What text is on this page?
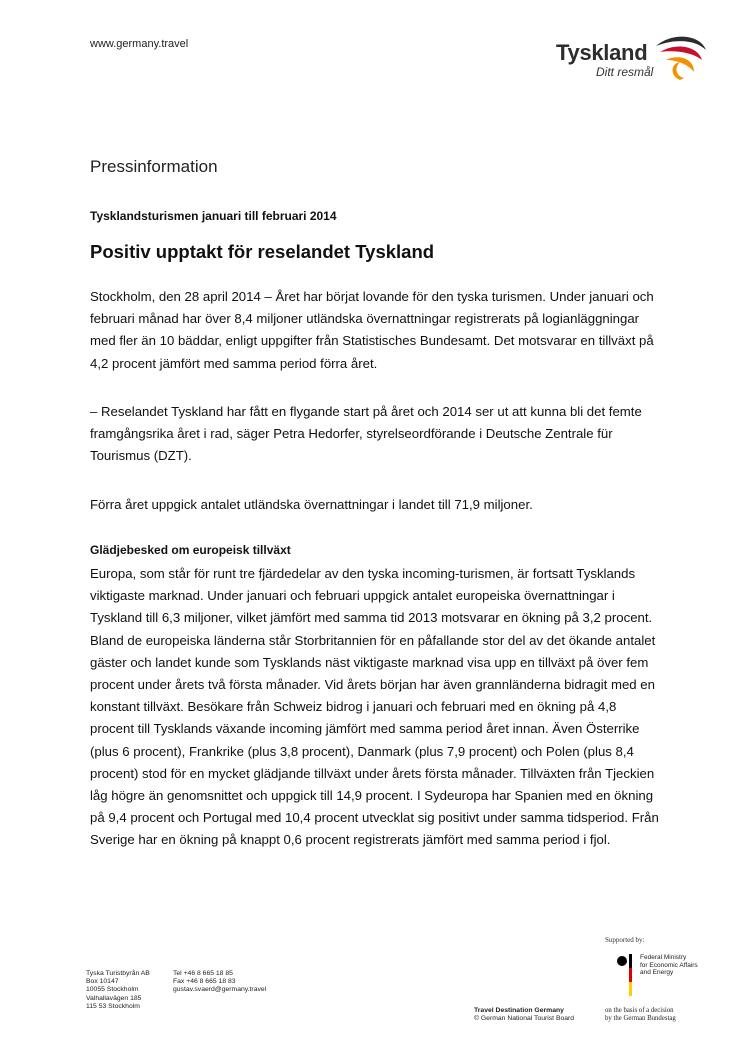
www.germany.travel	Tyskland
Ditt resmål
Pressinformation
Tysklandsturismen januari till februari 2014
Positiv upptakt för reselandet Tyskland

Stockholm, den 28 april 2014 – Året har börjat lovande för den tyska turismen. Under januari och februari månad har över 8,4 miljoner utländska övernattningar registrerats på logianläggningar med fler än 10 bäddar, enligt uppgifter från Statistisches Bundesamt. Det motsvarar en tillväxt på 4,2 procent jämfört med samma period förra året.

– Reselandet Tyskland har fått en flygande start på året och 2014 ser ut att kunna bli det femte framgångsrika året i rad, säger Petra Hedorfer, styrelseordförande i Deutsche Zentrale für Tourismus (DZT).

Förra året uppgick antalet utländska övernattningar i landet till 71,9 miljoner.

Glädjebesked om europeisk tillväxt

Europa, som står för runt tre fjärdedelar av den tyska incoming-turismen, är fortsatt Tysklands viktigaste marknad. Under januari och februari uppgick antalet europeiska övernattningar i Tyskland till 6,3 miljoner, vilket jämfört med samma tid 2013 motsvarar en ökning på 3,2 procent. Bland de europeiska länderna står Storbritannien för en påfallande stor del av det ökande antalet gäster och landet kunde som Tysklands näst viktigaste marknad visa upp en tillväxt på över fem procent under årets två första månader. Vid årets början har även grannländerna bidragit med en konstant tillväxt. Besökare från Schweiz bidrog i januari och februari med en ökning på 4,8 procent till Tysklands växande incoming jämfört med samma period året innan. Även Österrike (plus 6 procent), Frankrike (plus 3,8 procent), Danmark (plus 7,9 procent) och Polen (plus 8,4 procent) stod för en mycket glädjande tillväxt under årets första månader. Tillväxten från Tjeckien låg högre än genomsnittet och uppgick till 14,9 procent. I Sydeuropa har Spanien med en ökning på 9,4 procent och Portugal med 10,4 procent utvecklat sig positivt under samma tidsperiod. Från Sverige har en ökning på knappt 0,6 procent registrerats jämfört med samma period i fjol.

Supported by:
Federal Ministry
for Economic Affairs
and Energy
Tyska Turistbyrån AB
Box 10147
10055 Stockholm
Valhallavägen 185
115 53 Stockholm
Tel +46 8 665 18 85
Fax +46 8 665 18 83
gustav.svaerd@germany.travel
Travel Destination Germany
© German National Tourist Board
on the basis of a decision
by the German Bundestag
